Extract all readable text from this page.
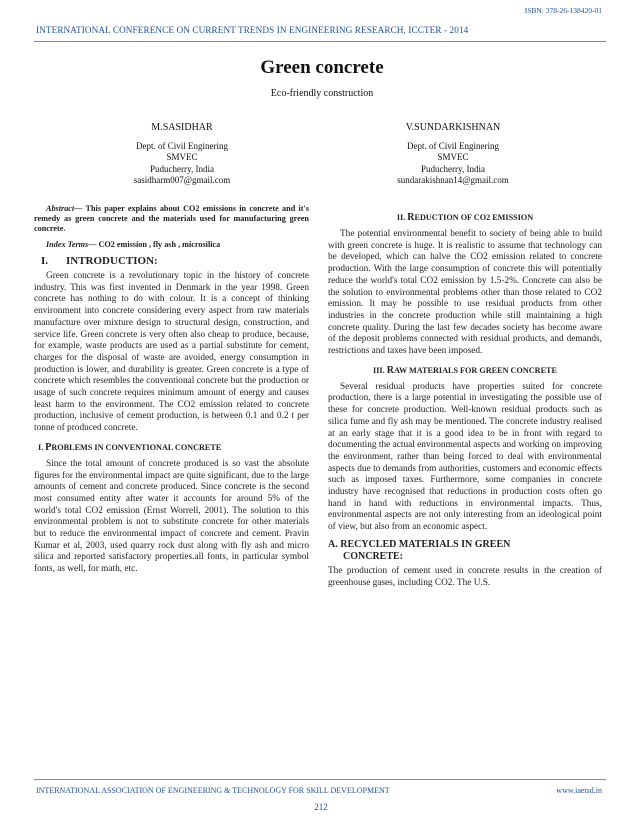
ISBN: 378-26-138420-01
INTERNATIONAL CONFERENCE ON CURRENT TRENDS IN ENGINEERING RESEARCH, ICCTER - 2014
Green concrete
Eco-friendly construction
M.SASIDHAR
Dept. of Civil Enginering
SMVEC
Puducherry, India
sasidharm007@gmail.com
V.SUNDARKISHNAN
Dept. of Civil Enginering
SMVEC
Puducherry, India
sundarakishnan14@gmail.com
Abstract— This paper explains about CO2 emissions in concrete and it's remedy as green concrete and the materials used for manufacturing green concrete.
Index Terms— CO2 emission , fly ash , microsilica
I. INTRODUCTION:

Green concrete is a revolutionary topic in the history of concrete industry. This was first invented in Denmark in the year 1998. Green concrete has nothing to do with colour. It is a concept of thinking environment into concrete considering every aspect from raw materials manufacture over mixture design to structural design, construction, and service life. Green concrete is very often also cheap to produce, because, for example, waste products are used as a partial substitute for cement, charges for the disposal of waste are avoided, energy consumption in production is lower, and durability is greater. Green concrete is a type of concrete which resembles the conventional concrete but the production or usage of such concrete requires minimum amount of energy and causes least harm to the environment. The CO2 emission related to concrete production, inclusive of cement production, is between 0.1 and 0.2 t per tonne of produced concrete.

I. PROBLEMS IN CONVENTIONAL CONCRETE

Since the total amount of concrete produced is so vast the absolute figures for the environmental impact are quite significant, due to the large amounts of cement and concrete produced. Since concrete is the second most consumed entity after water it accounts for around 5% of the world's total CO2 emission (Ernst Worrell, 2001). The solution to this environmental problem is not to substitute concrete for other materials but to reduce the environmental impact of concrete and cement. Pravin Kumar et al, 2003, used quarry rock dust along with fly ash and micro silica and reported satisfactory properties.all fonts, in particular symbol fonts, as well, for math, etc.

II. REDUCTION OF CO2 EMISSION

The potential environmental benefit to society of being able to build with green concrete is huge. It is realistic to assume that technology can be developed, which can halve the CO2 emission related to concrete production. With the large consumption of concrete this will potentially reduce the world's total CO2 emission by 1.5-2%. Concrete can also be the solution to environmental problems other than those related to CO2 emission. It may be possible to use residual products from other industries in the concrete production while still maintaining a high concrete quality. During the last few decades society has become aware of the deposit problems connected with residual products, and demands, restrictions and taxes have been imposed.

III. RAW MATERIALS FOR GREEN CONCRETE

Several residual products have properties suited for concrete production, there is a large potential in investigating the possible use of these for concrete production. Well-known residual products such as silica fume and fly ash may be mentioned. The concrete industry realised at an early stage that it is a good idea to be in front with regard to documenting the actual environmental aspects and working on improving the environment, rather than being forced to deal with environmental aspects due to demands from authorities, customers and economic effects such as imposed taxes. Furthermore, some companies in concrete industry have recognised that reductions in production costs often go hand in hand with reductions in environmental impacts. Thus, environmental aspects are not only interesting from an ideological point of view, but also from an economic aspect.

A. RECYCLED MATERIALS IN GREEN
CONCRETE:

The production of cement used in concrete results in the creation of greenhouse gases, including CO2. The U.S.

INTERNATIONAL ASSOCIATION OF ENGINEERING & TECHNOLOGY FOR SKILL DEVELOPMENT	www.iaetsd.in
212
